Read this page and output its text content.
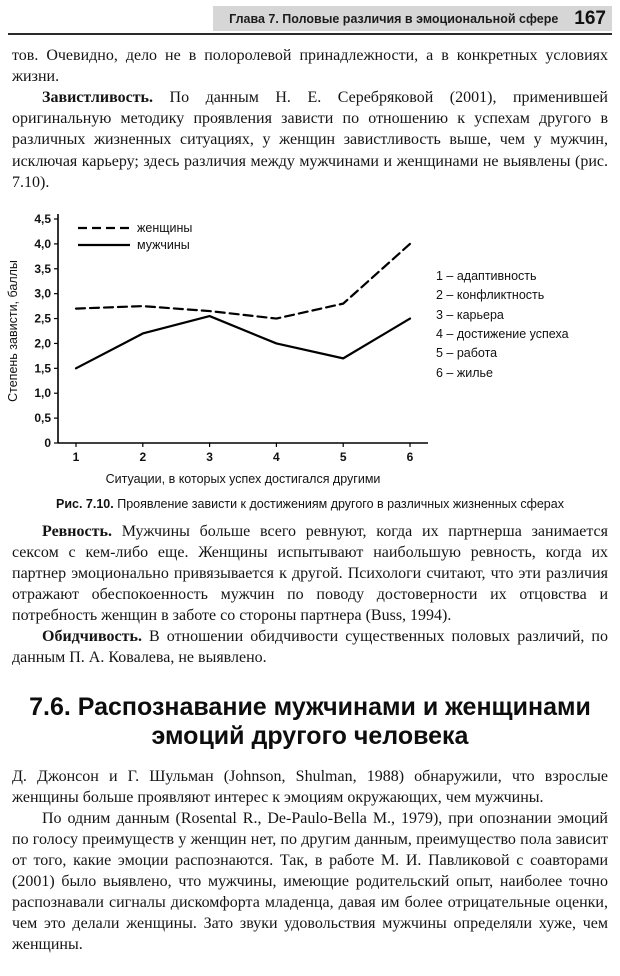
Глава 7. Половые различия в эмоциональной сфере 167

тов. Очевидно, дело не в полоролевой принадлежности, а в конкретных условиях жизни.

Завистливость. По данным Н. Е. Серебряковой (2001), применившей оригинальную методику проявления зависти по отношению к успехам другого в различных жизненных ситуациях, у женщин завистливость выше, чем у мужчин, исключая карьеру; здесь различия между мужчинами и женщинами не выявлены (рис. 7.10).

0
0,5
1,0
1,5
2,0
2,5
3,0
3,5
4,0
4,5
1	2	3	4	5	6
женщины
мужчины
Степень зависти, баллы
Ситуации, в которых успех достигался другими
1 – адаптивность
2 – конфликтность
3 – карьера
4 – достижение успеха
5 – работа
6 – жилье
Рис. 7.10. Проявление зависти к достижениям другого в различных жизненных сферах

Ревность. Мужчины больше всего ревнуют, когда их партнерша занимается сексом с кем-либо еще. Женщины испытывают наибольшую ревность, когда их партнер эмоционально привязывается к другой. Психологи считают, что эти различия отражают обеспокоенность мужчин по поводу достоверности их отцовства и потребность женщин в заботе со стороны партнера (Buss, 1994).

Обидчивость. В отношении обидчивости существенных половых различий, по данным П. А. Ковалева, не выявлено.

7.6. Распознавание мужчинами и женщинами
эмоций другого человека

Д. Джонсон и Г. Шульман (Johnson, Shulman, 1988) обнаружили, что взрослые женщины больше проявляют интерес к эмоциям окружающих, чем мужчины.

По одним данным (Rosental R., De-Paulo-Bella M., 1979), при опознании эмоций по голосу преимуществ у женщин нет, по другим данным, преимущество пола зависит от того, какие эмоции распознаются. Так, в работе М. И. Павликовой с соавторами (2001) было выявлено, что мужчины, имеющие родительский опыт, наиболее точно распознавали сигналы дискомфорта младенца, давая им более отрицательные оценки, чем это делали женщины. Зато звуки удовольствия мужчины определяли хуже, чем женщины.
